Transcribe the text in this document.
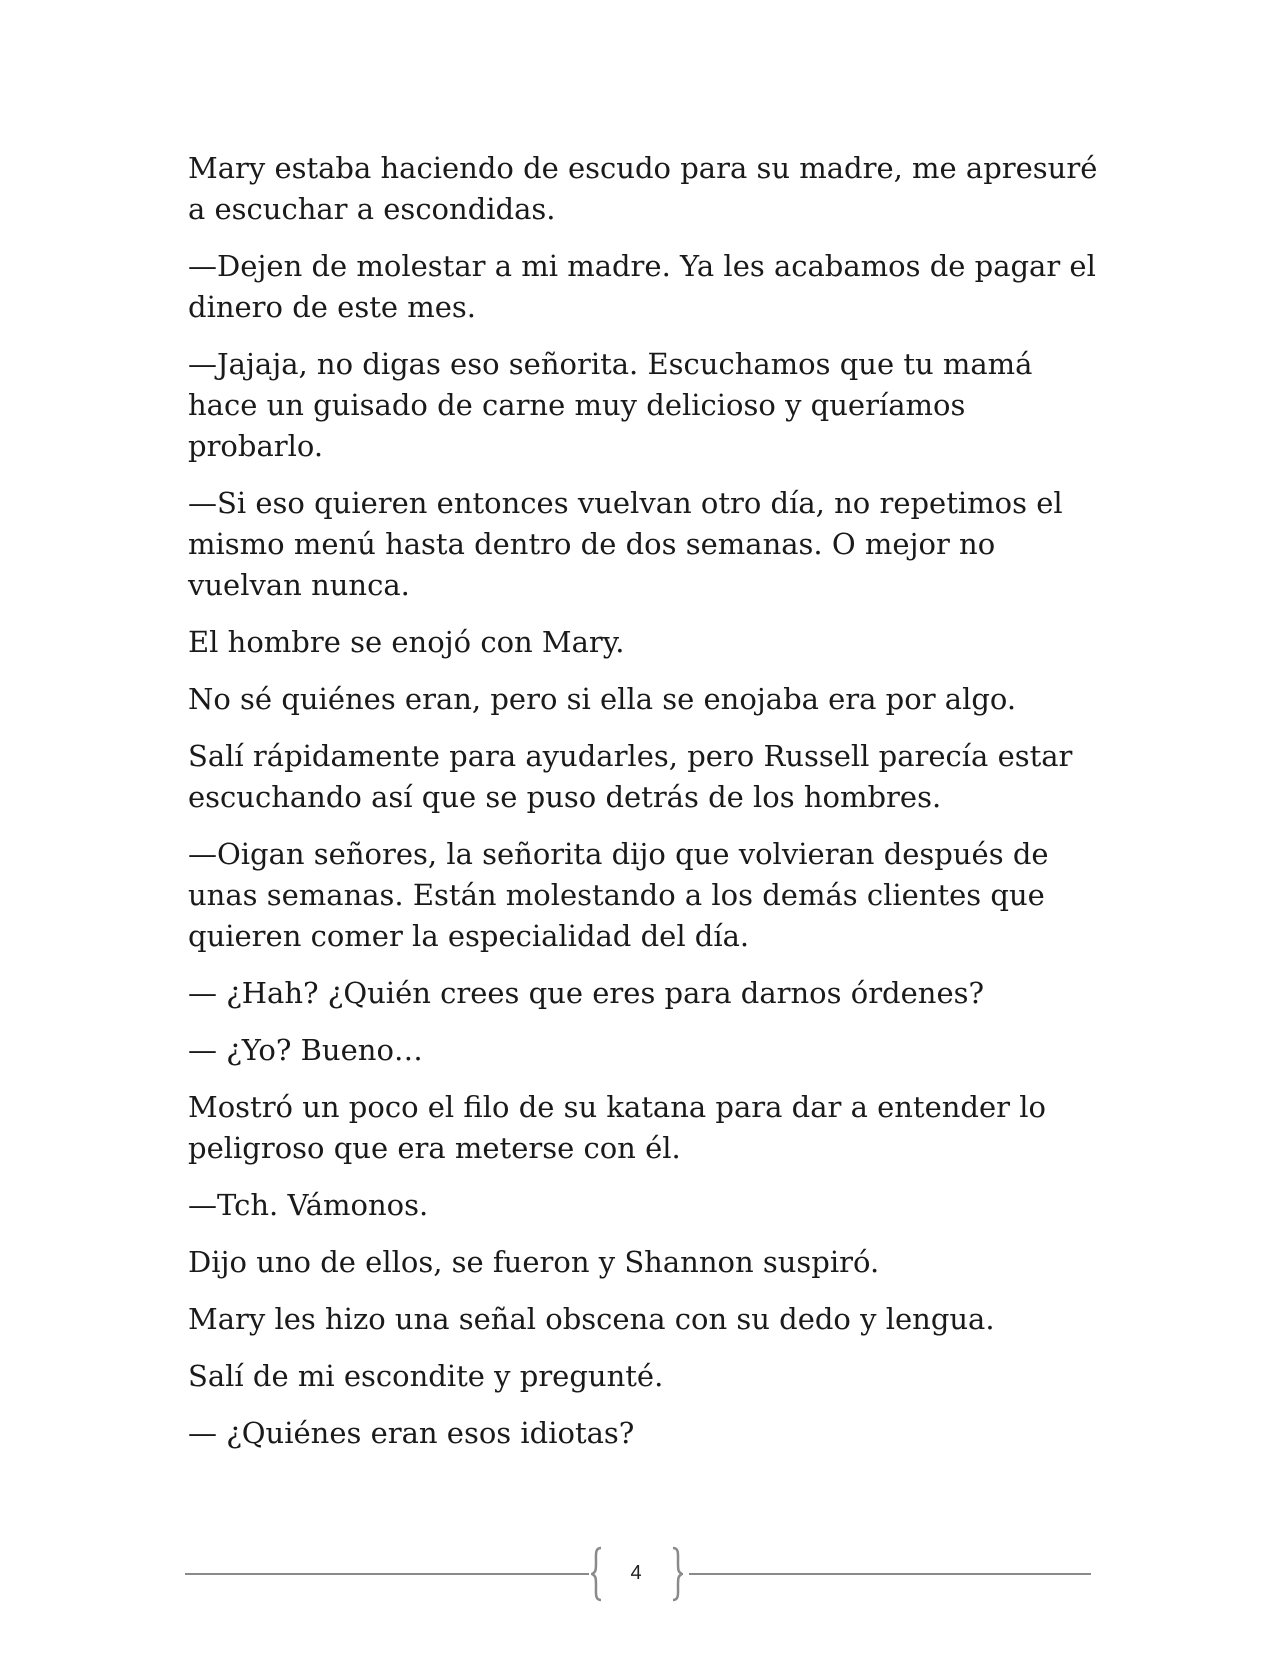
Mary estaba haciendo de escudo para su madre, me apresuré a escuchar a escondidas.

—Dejen de molestar a mi madre. Ya les acabamos de pagar el dinero de este mes.

—Jajaja, no digas eso señorita. Escuchamos que tu mamá hace un guisado de carne muy delicioso y queríamos probarlo.

—Si eso quieren entonces vuelvan otro día, no repetimos el mismo menú hasta dentro de dos semanas. O mejor no vuelvan nunca.

El hombre se enojó con Mary.

No sé quiénes eran, pero si ella se enojaba era por algo.

Salí rápidamente para ayudarles, pero Russell parecía estar escuchando así que se puso detrás de los hombres.

—Oigan señores, la señorita dijo que volvieran después de unas semanas. Están molestando a los demás clientes que quieren comer la especialidad del día.

— ¿Hah? ¿Quién crees que eres para darnos órdenes?

— ¿Yo? Bueno…

Mostró un poco el filo de su katana para dar a entender lo peligroso que era meterse con él.

—Tch. Vámonos.

Dijo uno de ellos, se fueron y Shannon suspiró.

Mary les hizo una señal obscena con su dedo y lengua.

Salí de mi escondite y pregunté.

— ¿Quiénes eran esos idiotas?

4
